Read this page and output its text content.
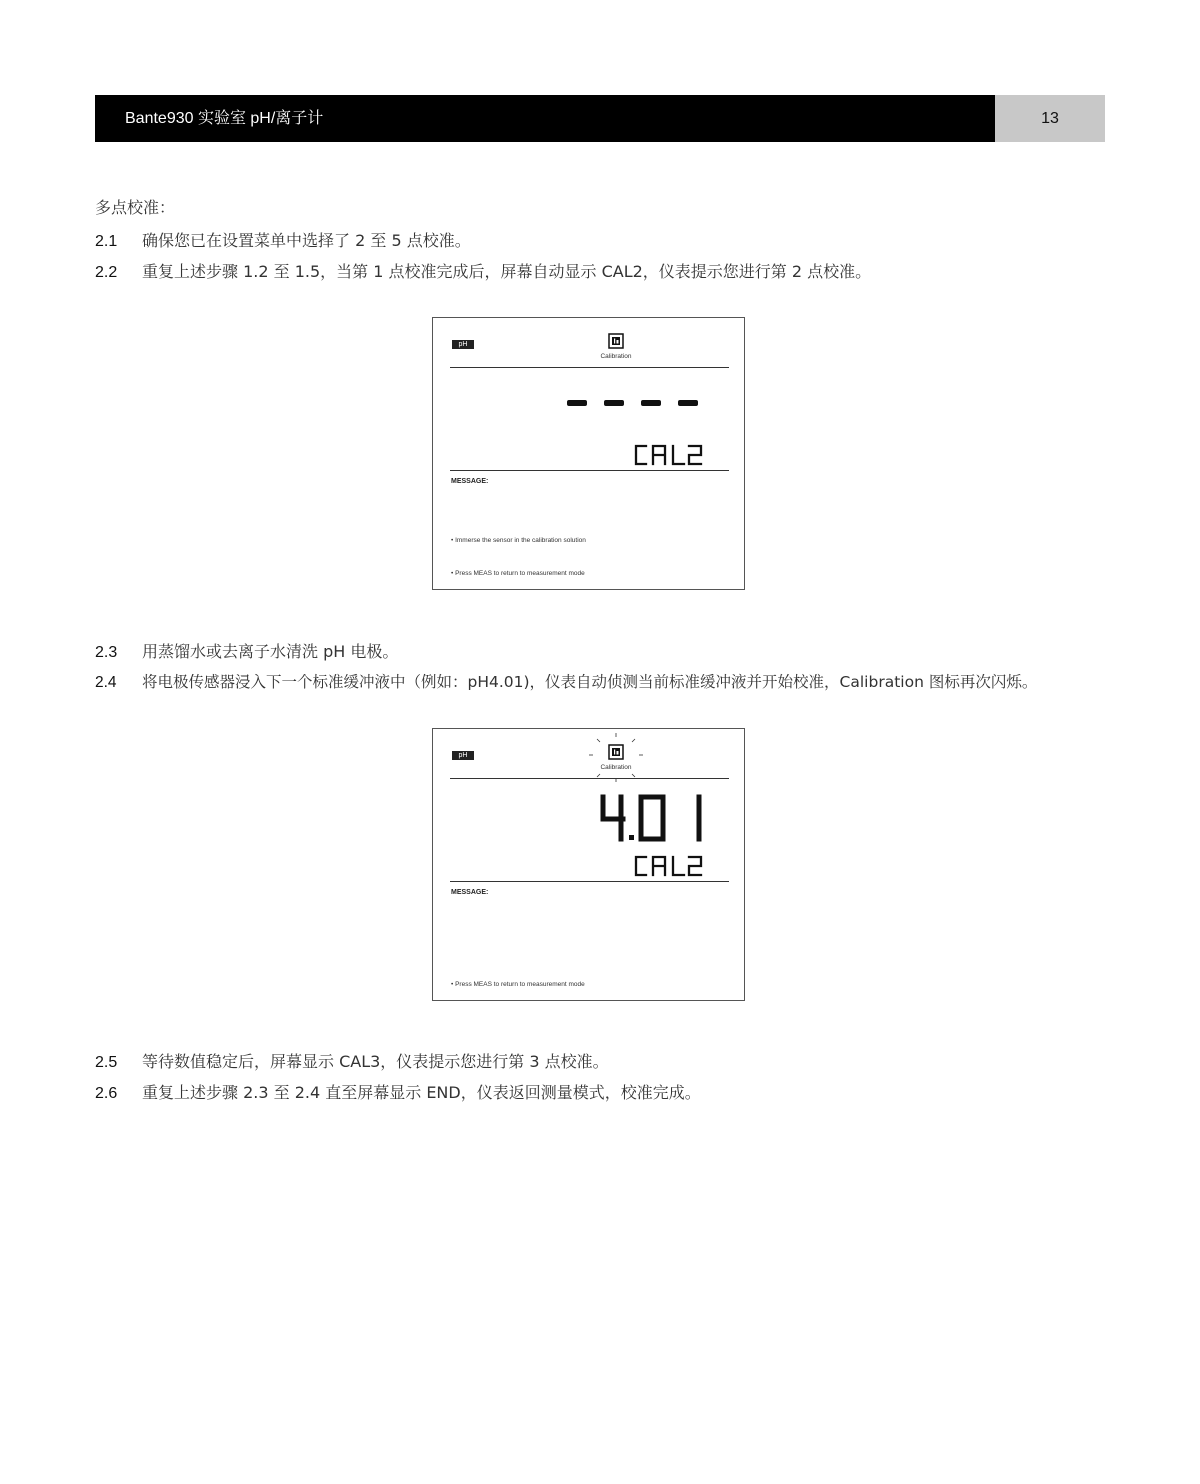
Bante930 实验室 pH/离子计	13
多点校准：
2.1 确保您已在设置菜单中选择了 2 至 5 点校准。
2.2 重复上述步骤 1.2 至 1.5，当第 1 点校准完成后，屏幕自动显示 CAL2，仪表提示您进行第 2 点校准。
pH
Calibration
MESSAGE:
• Immerse the sensor in the calibration solution
• Press MEAS to return to measurement mode
2.3 用蒸馏水或去离子水清洗 pH 电极。
2.4 将电极传感器浸入下一个标准缓冲液中（例如：pH4.01)，仪表自动侦测当前标准缓冲液并开始校准，Calibration 图标再次闪烁。
pH
Calibration
MESSAGE:
• Press MEAS to return to measurement mode
2.5 等待数值稳定后，屏幕显示 CAL3，仪表提示您进行第 3 点校准。
2.6 重复上述步骤 2.3 至 2.4 直至屏幕显示 END，仪表返回测量模式，校准完成。
